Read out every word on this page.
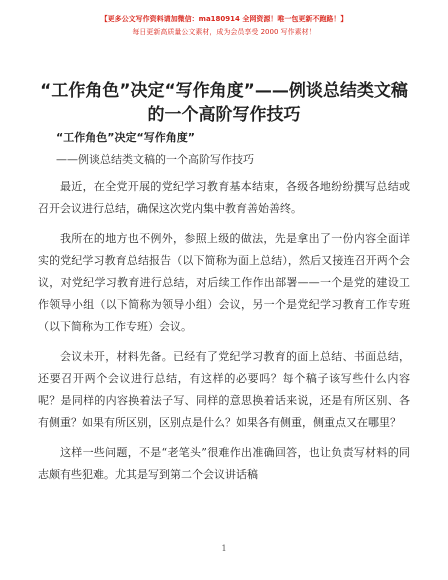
【更多公文写作资料请加微信：ma180914 全网资源！唯一包更新不跑路！】
每日更新高质量公文素材，成为会员享受 2000 写作素材！
“工作角色”决定“写作角度”——例谈总结类文稿的一个高阶写作技巧
“工作角色”决定“写作角度”
——例谈总结类文稿的一个高阶写作技巧

最近，在全党开展的党纪学习教育基本结束，各级各地纷纷撰写总结或召开会议进行总结，确保这次党内集中教育善始善终。

我所在的地方也不例外，参照上级的做法，先是拿出了一份内容全面详实的党纪学习教育总结报告（以下简称为面上总结），然后又接连召开两个会议，对党纪学习教育进行总结，对后续工作作出部署——一个是党的建设工作领导小组（以下简称为领导小组）会议，另一个是党纪学习教育工作专班（以下简称为工作专班）会议。

会议未开，材料先备。已经有了党纪学习教育的面上总结、书面总结，还要召开两个会议进行总结，有这样的必要吗？每个稿子该写些什么内容呢？是同样的内容换着法子写、同样的意思换着话来说，还是有所区别、各有侧重？如果有所区别，区别点是什么？如果各有侧重，侧重点又在哪里？

这样一些问题，不是“老笔头”很难作出准确回答，也让负责写材料的同志颇有些犯难。尤其是写到第二个会议讲话稿

1
